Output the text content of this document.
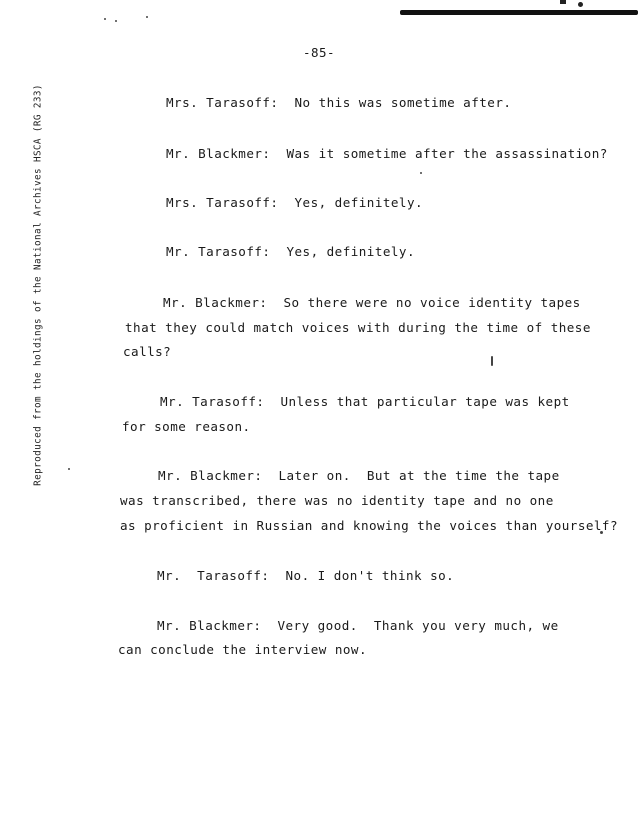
Reproduced from the holdings of the National Archives HSCA (RG 233)
-85-
Mrs. Tarasoff:  No this was sometime after.
Mr. Blackmer:  Was it sometime after the assassination?
Mrs. Tarasoff:  Yes, definitely.
Mr. Tarasoff:  Yes, definitely.
Mr. Blackmer:  So there were no voice identity tapes
that they could match voices with during the time of these
calls?
Mr. Tarasoff:  Unless that particular tape was kept
for some reason.
Mr. Blackmer:  Later on.  But at the time the tape
was transcribed, there was no identity tape and no one
as proficient in Russian and knowing the voices than yourself?
Mr.  Tarasoff:  No. I don't think so.
Mr. Blackmer:  Very good.  Thank you very much, we
can conclude the interview now.
